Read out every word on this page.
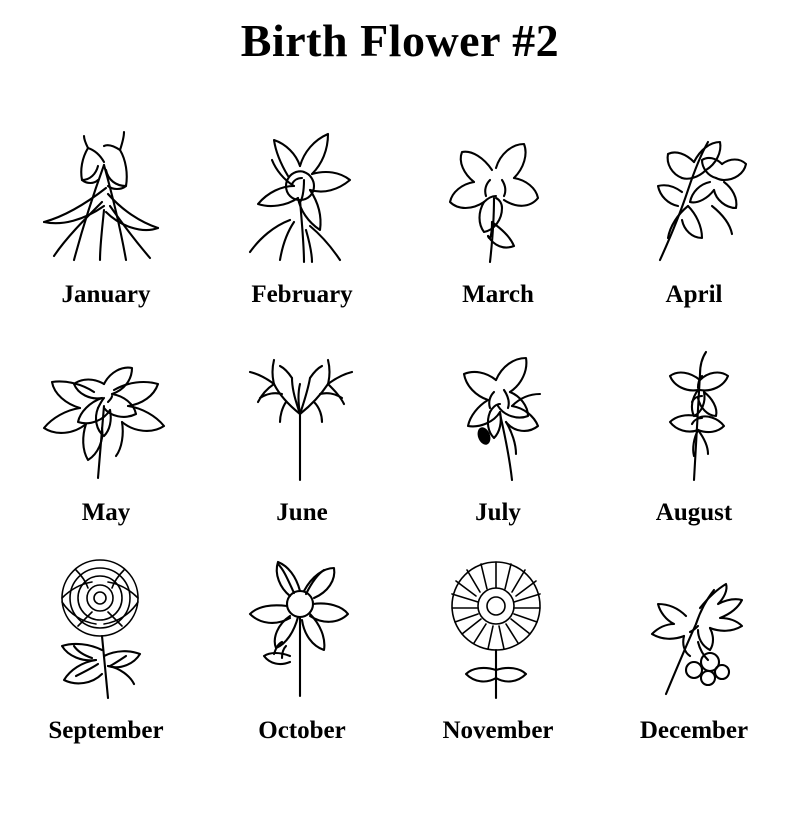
Birth Flower #2
January	February	March	April
May	June	July	August
September	October	November	December
